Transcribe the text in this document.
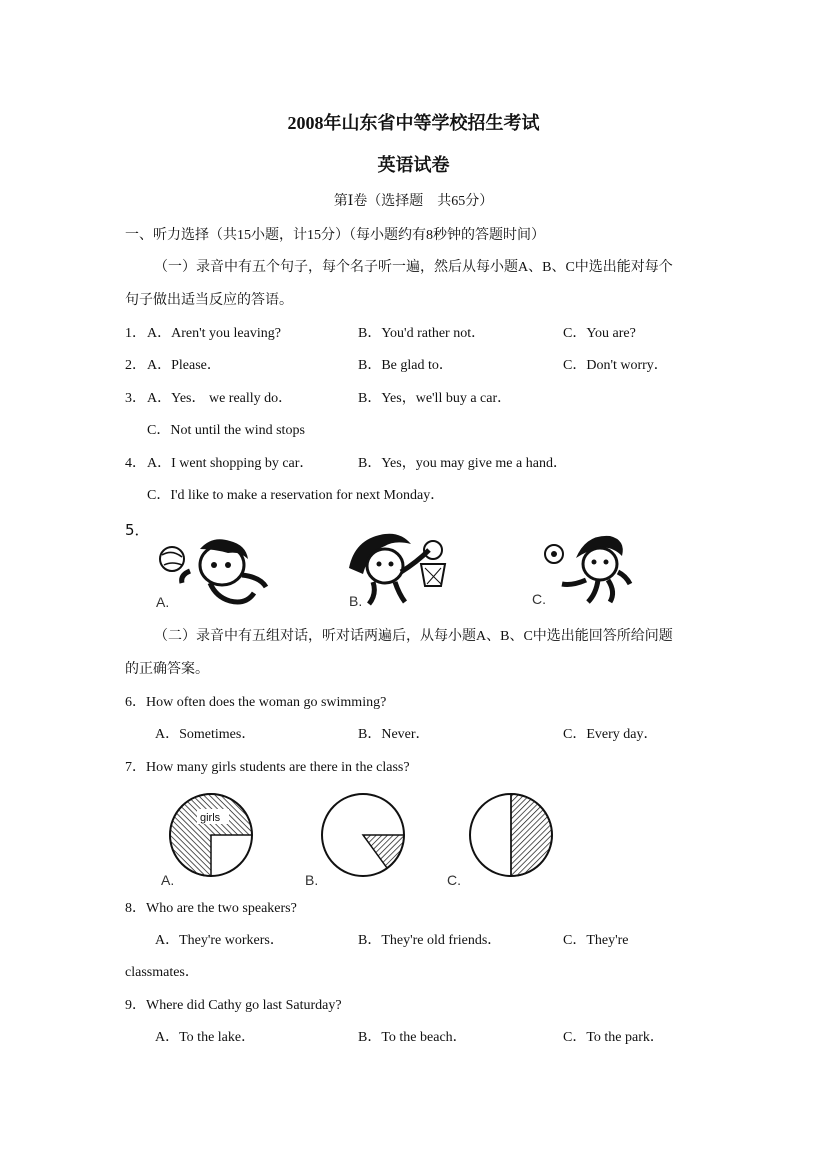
2008年山东省中等学校招生考试
英语试卷
第Ⅰ卷（选择题　共65分）
一、听力选择（共15小题，计15分）（每小题约有8秒钟的答题时间）
（一）录音中有五个句子，每个名子听一遍，然后从每小题A、B、C中选出能对每个
句子做出适当反应的答语。
1． A．Aren't you leaving?	B．You'd rather not．	C．You are?
2． A．Please．	B．Be glad to．	C．Don't worry．
3． A．Yes． we really do．	B．Yes，we'll buy a car．
C．Not until the wind stops
4． A．I went shopping by car．	B．Yes，you may give me a hand．
C．I'd like to make a reservation for next Monday．
5．
A.	B.	C.
（二）录音中有五组对话，听对话两遍后，从每小题A、B、C中选出能回答所给问题
的正确答案。
6．How often does the woman go swimming?
A．Sometimes．	B．Never．	C．Every day．
7．How many girls students are there in the class?
girls
A.	B.	C.
8．Who are the two speakers?
A．They're workers．	B．They're old friends．	C．They're
classmates．
9．Where did Cathy go last Saturday?
A．To the lake．	B．To the beach．	C．To the park．
